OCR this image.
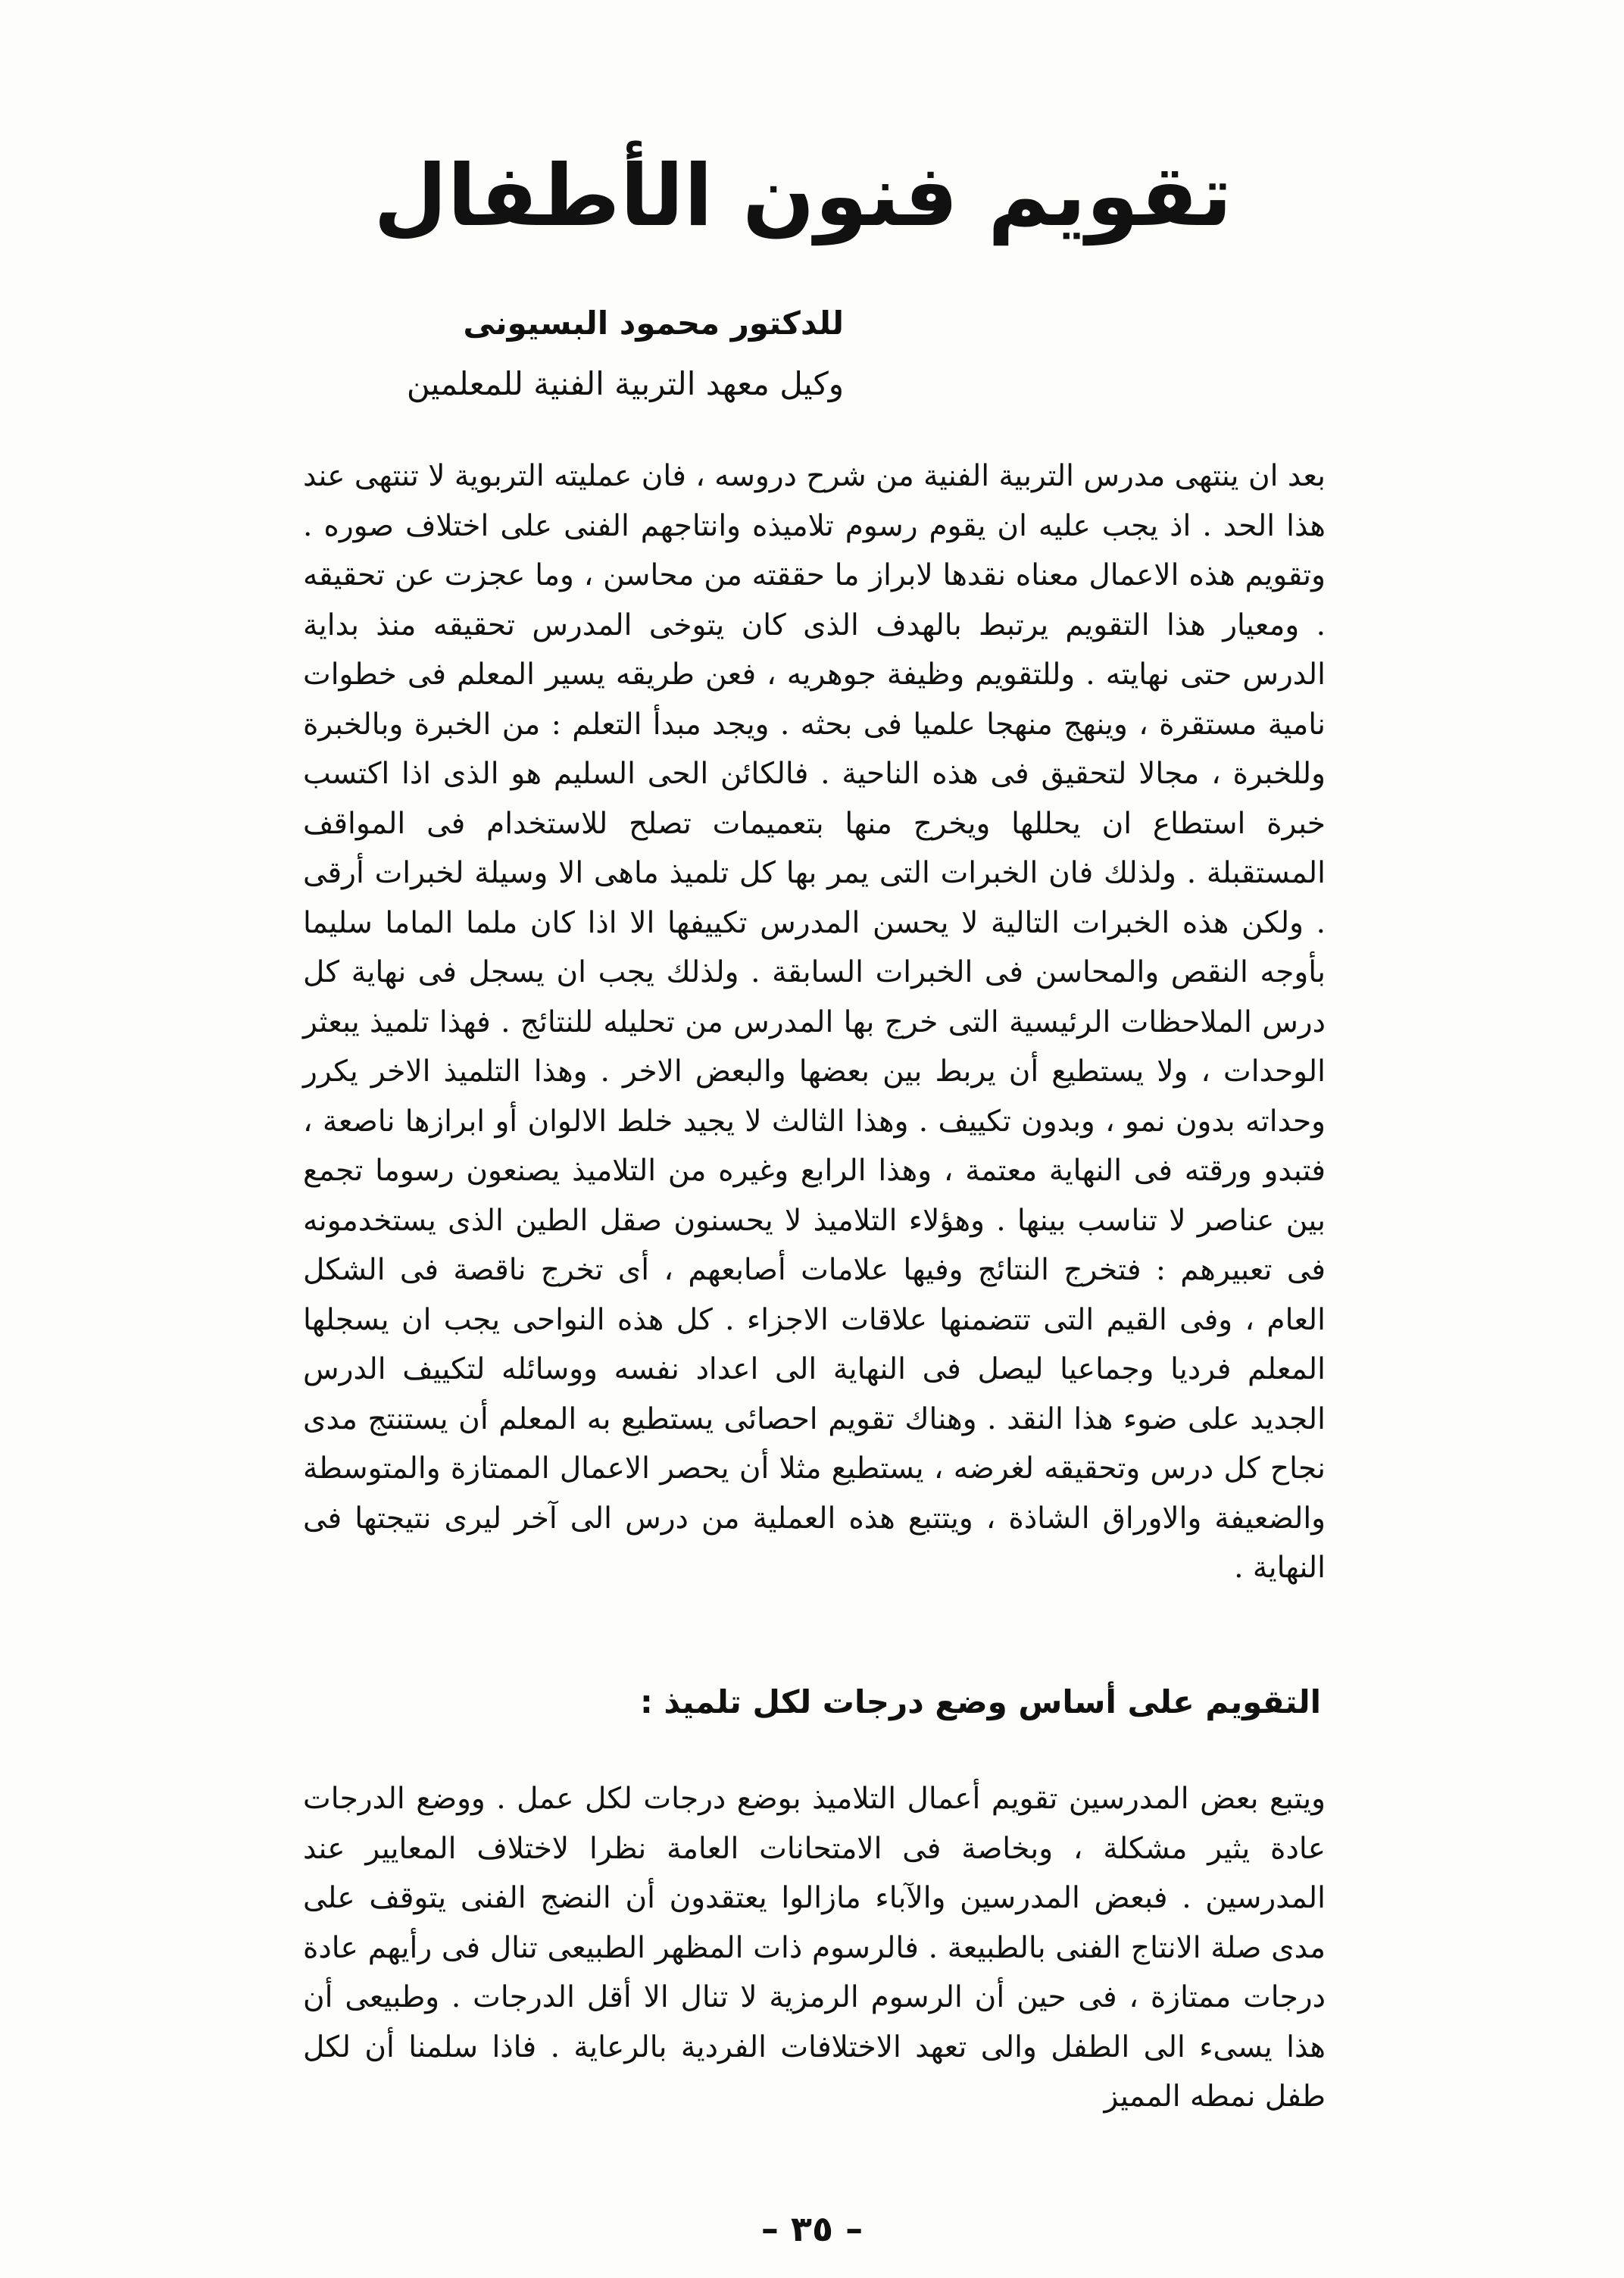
تقويم فنون الأطفال
للدكتور محمود البسيونى
وكيل معهد التربية الفنية للمعلمين

بعد ان ينتهى مدرس التربية الفنية من شرح دروسه ، فان عمليته التربوية لا تنتهى عند هذا الحد . اذ يجب عليه ان يقوم رسوم تلاميذه وانتاجهم الفنى على اختلاف صوره . وتقويم هذه الاعمال معناه نقدها لابراز ما حققته من محاسن ، وما عجزت عن تحقيقه . ومعيار هذا التقويم يرتبط بالهدف الذى كان يتوخى المدرس تحقيقه منذ بداية الدرس حتى نهايته . وللتقويم وظيفة جوهريه ، فعن طريقه يسير المعلم فى خطوات نامية مستقرة ، وينهج منهجا علميا فى بحثه . ويجد مبدأ التعلم : من الخبرة وبالخبرة وللخبرة ، مجالا لتحقيق فى هذه الناحية . فالكائن الحى السليم هو الذى اذا اكتسب خبرة استطاع ان يحللها ويخرج منها بتعميمات تصلح للاستخدام فى المواقف المستقبلة . ولذلك فان الخبرات التى يمر بها كل تلميذ ماهى الا وسيلة لخبرات أرقى . ولكن هذه الخبرات التالية لا يحسن المدرس تكييفها الا اذا كان ملما الماما سليما بأوجه النقص والمحاسن فى الخبرات السابقة . ولذلك يجب ان يسجل فى نهاية كل درس الملاحظات الرئيسية التى خرج بها المدرس من تحليله للنتائج . فهذا تلميذ يبعثر الوحدات ، ولا يستطيع أن يربط بين بعضها والبعض الاخر . وهذا التلميذ الاخر يكرر وحداته بدون نمو ، وبدون تكييف . وهذا الثالث لا يجيد خلط الالوان أو ابرازها ناصعة ، فتبدو ورقته فى النهاية معتمة ، وهذا الرابع وغيره من التلاميذ يصنعون رسوما تجمع بين عناصر لا تناسب بينها . وهؤلاء التلاميذ لا يحسنون صقل الطين الذى يستخدمونه فى تعبيرهم : فتخرج النتائج وفيها علامات أصابعهم ، أى تخرج ناقصة فى الشكل العام ، وفى القيم التى تتضمنها علاقات الاجزاء . كل هذه النواحى يجب ان يسجلها المعلم فرديا وجماعيا ليصل فى النهاية الى اعداد نفسه ووسائله لتكييف الدرس الجديد على ضوء هذا النقد . وهناك تقويم احصائى يستطيع به المعلم أن يستنتج مدى نجاح كل درس وتحقيقه لغرضه ، يستطيع مثلا أن يحصر الاعمال الممتازة والمتوسطة والضعيفة والاوراق الشاذة ، ويتتبع هذه العملية من درس الى آخر ليرى نتيجتها فى النهاية .

التقويم على أساس وضع درجات لكل تلميذ :

ويتبع بعض المدرسين تقويم أعمال التلاميذ بوضع درجات لكل عمل . ووضع الدرجات عادة يثير مشكلة ، وبخاصة فى الامتحانات العامة نظرا لاختلاف المعايير عند المدرسين . فبعض المدرسين والآباء مازالوا يعتقدون أن النضج الفنى يتوقف على مدى صلة الانتاج الفنى بالطبيعة . فالرسوم ذات المظهر الطبيعى تنال فى رأيهم عادة درجات ممتازة ، فى حين أن الرسوم الرمزية لا تنال الا أقل الدرجات . وطبيعى أن هذا يسىء الى الطفل والى تعهد الاختلافات الفردية بالرعاية . فاذا سلمنا أن لكل طفل نمطه المميز

– ٣٥ –
